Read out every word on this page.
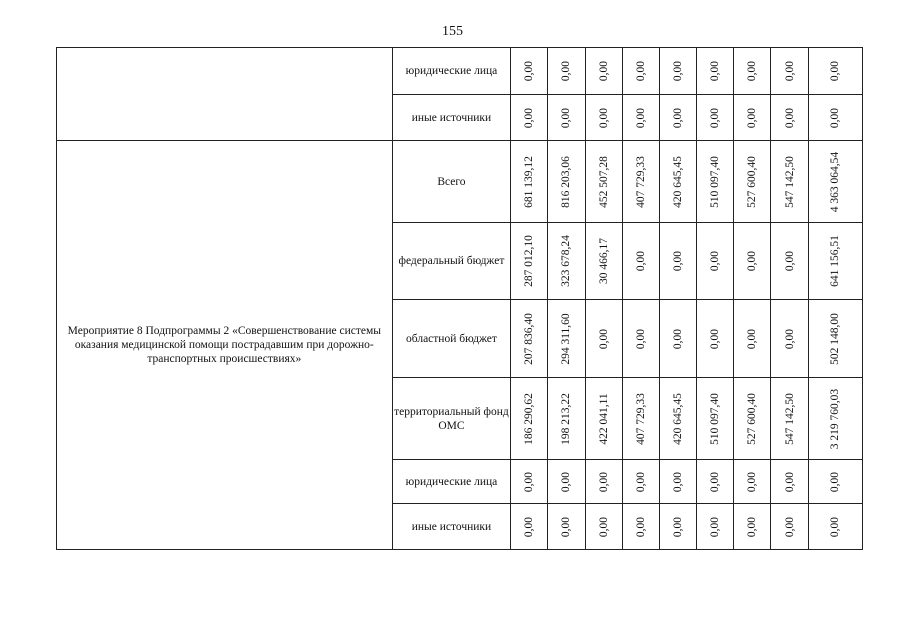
155
	юридические лица	0,00	0,00	0,00	0,00	0,00	0,00	0,00	0,00	0,00

	иные источники	0,00	0,00	0,00	0,00	0,00	0,00	0,00	0,00	0,00

Мероприятие 8 Подпрограммы 2 «Совершенствование системы оказания медицинской помощи пострадавшим при дорожно-транспортных происшествиях»	Всего	681 139,12	816 203,06	452 507,28	407 729,33	420 645,45	510 097,40	527 600,40	547 142,50	4 363 064,54

	федеральный бюджет	287 012,10	323 678,24	30 466,17	0,00	0,00	0,00	0,00	0,00	641 156,51

	областной бюджет	207 836,40	294 311,60	0,00	0,00	0,00	0,00	0,00	0,00	502 148,00

	территориальный фонд ОМС	186 290,62	198 213,22	422 041,11	407 729,33	420 645,45	510 097,40	527 600,40	547 142,50	3 219 760,03

	юридические лица	0,00	0,00	0,00	0,00	0,00	0,00	0,00	0,00	0,00

	иные источники	0,00	0,00	0,00	0,00	0,00	0,00	0,00	0,00	0,00
